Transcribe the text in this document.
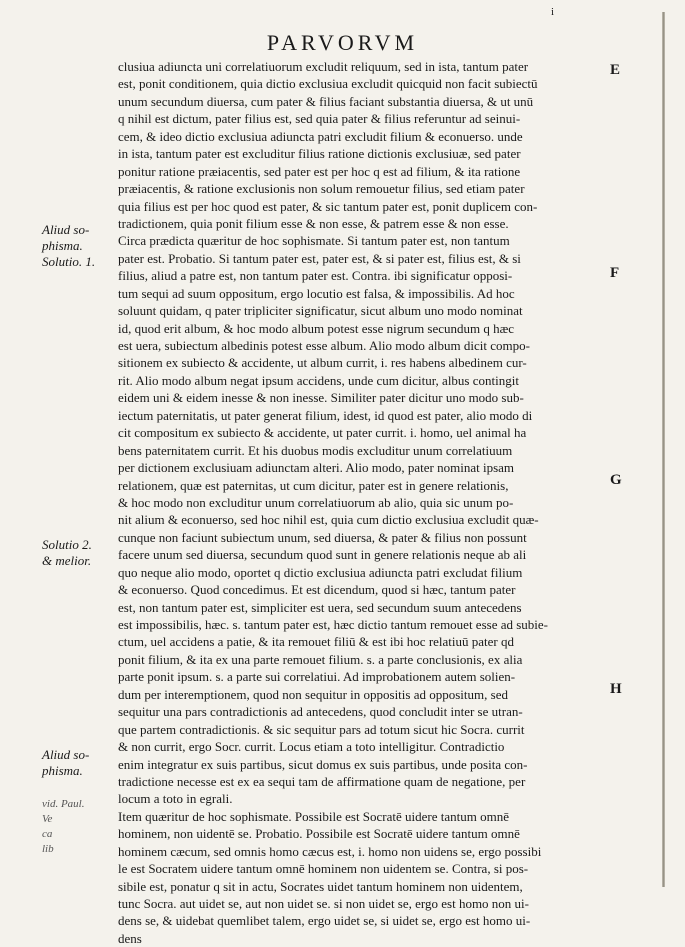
i
PARVORVM
clusiua adiuncta uni correlatiuorum excludit reliquum, sed in ista, tantum pater
est, ponit conditionem, quia dictio exclusiua excludit quicquid non facit subiectū
unum secundum diuersa, cum pater & filius faciant substantia diuersa, & ut unū
q nihil est dictum, pater filius est, sed quia pater & filius referuntur ad seinui-
cem, & ideo dictio exclusiua adiuncta patri excludit filium & econuerso. unde
in ista, tantum pater est excluditur filius ratione dictionis exclusiuæ, sed pater
ponitur ratione præiacentis, sed pater est per hoc q est ad filium, & ita ratione
præiacentis, & ratione exclusionis non solum remouetur filius, sed etiam pater
quia filius est per hoc quod est pater, & sic tantum pater est, ponit duplicem con-
tradictionem, quia ponit filium esse & non esse, & patrem esse & non esse.
Circa prædicta quæritur de hoc sophismate. Si tantum pater est, non tantum
pater est. Probatio. Si tantum pater est, pater est, & si pater est, filius est, & si
filius, aliud a patre est, non tantum pater est. Contra. ibi significatur opposi-
tum sequi ad suum oppositum, ergo locutio est falsa, & impossibilis. Ad hoc
soluunt quidam, q pater tripliciter significatur, sicut album uno modo nominat
id, quod erit album, & hoc modo album potest esse nigrum secundum q hæc
est uera, subiectum albedinis potest esse album. Alio modo album dicit compo-
sitionem ex subiecto & accidente, ut album currit, i. res habens albedinem cur-
rit. Alio modo album negat ipsum accidens, unde cum dicitur, albus contingit
eidem uni & eidem inesse & non inesse. Similiter pater dicitur uno modo sub-
iectum paternitatis, ut pater generat filium, idest, id quod est pater, alio modo di
cit compositum ex subiecto & accidente, ut pater currit. i. homo, uel animal ha
bens paternitatem currit. Et his duobus modis excluditur unum correlatiuum
per dictionem exclusiuam adiunctam alteri. Alio modo, pater nominat ipsam
relationem, quæ est paternitas, ut cum dicitur, pater est in genere relationis,
& hoc modo non excluditur unum correlatiuorum ab alio, quia sic unum po-
nit alium & econuerso, sed hoc nihil est, quia cum dictio exclusiua excludit quæ-
cunque non faciunt subiectum unum, sed diuersa, & pater & filius non possunt
facere unum sed diuersa, secundum quod sunt in genere relationis neque ab ali
quo neque alio modo, oportet q dictio exclusiua adiuncta patri excludat filium
& econuerso. Quod concedimus. Et est dicendum, quod si hæc, tantum pater
est, non tantum pater est, simpliciter est uera, sed secundum suum antecedens
est impossibilis, hæc. s. tantum pater est, hæc dictio tantum remouet esse ad subie-
ctum, uel accidens a patie, & ita remouet filiū & est ibi hoc relatiuū pater qd
ponit filium, & ita ex una parte remouet filium. s. a parte conclusionis, ex alia
parte ponit ipsum. s. a parte sui correlatiui. Ad improbationem autem solien-
dum per interemptionem, quod non sequitur in oppositis ad oppositum, sed
sequitur una pars contradictionis ad antecedens, quod concludit inter se utran-
que partem contradictionis. & sic sequitur pars ad totum sicut hic Socra. currit
& non currit, ergo Socr. currit. Locus etiam a toto intelligitur. Contradictio
enim integratur ex suis partibus, sicut domus ex suis partibus, unde posita con-
tradictione necesse est ex ea sequi tam de affirmatione quam de negatione, per
locum a toto in egrali.
Item quæritur de hoc sophismate. Possibile est Socratē uidere tantum omnē
hominem, non uidentē se. Probatio. Possibile est Socratē uidere tantum omnē
hominem cæcum, sed omnis homo cæcus est, i. homo non uidens se, ergo possibi
le est Socratem uidere tantum omnē hominem non uidentem se. Contra, si pos-
sibile est, ponatur q sit in actu, Socrates uidet tantum hominem non uidentem,
tunc Socra. aut uidet se, aut non uidet se. si non uidet se, ergo est homo non ui-
dens se, & uidebat quemlibet talem, ergo uidet se, si uidet se, ergo est homo ui-
dens
Aliud so-
phisma.
Solutio. 1.
Solutio 2.
& melior.
Aliud so-
phisma.
vid. Paul.
Ve
ca
lib
E
F
G
H
